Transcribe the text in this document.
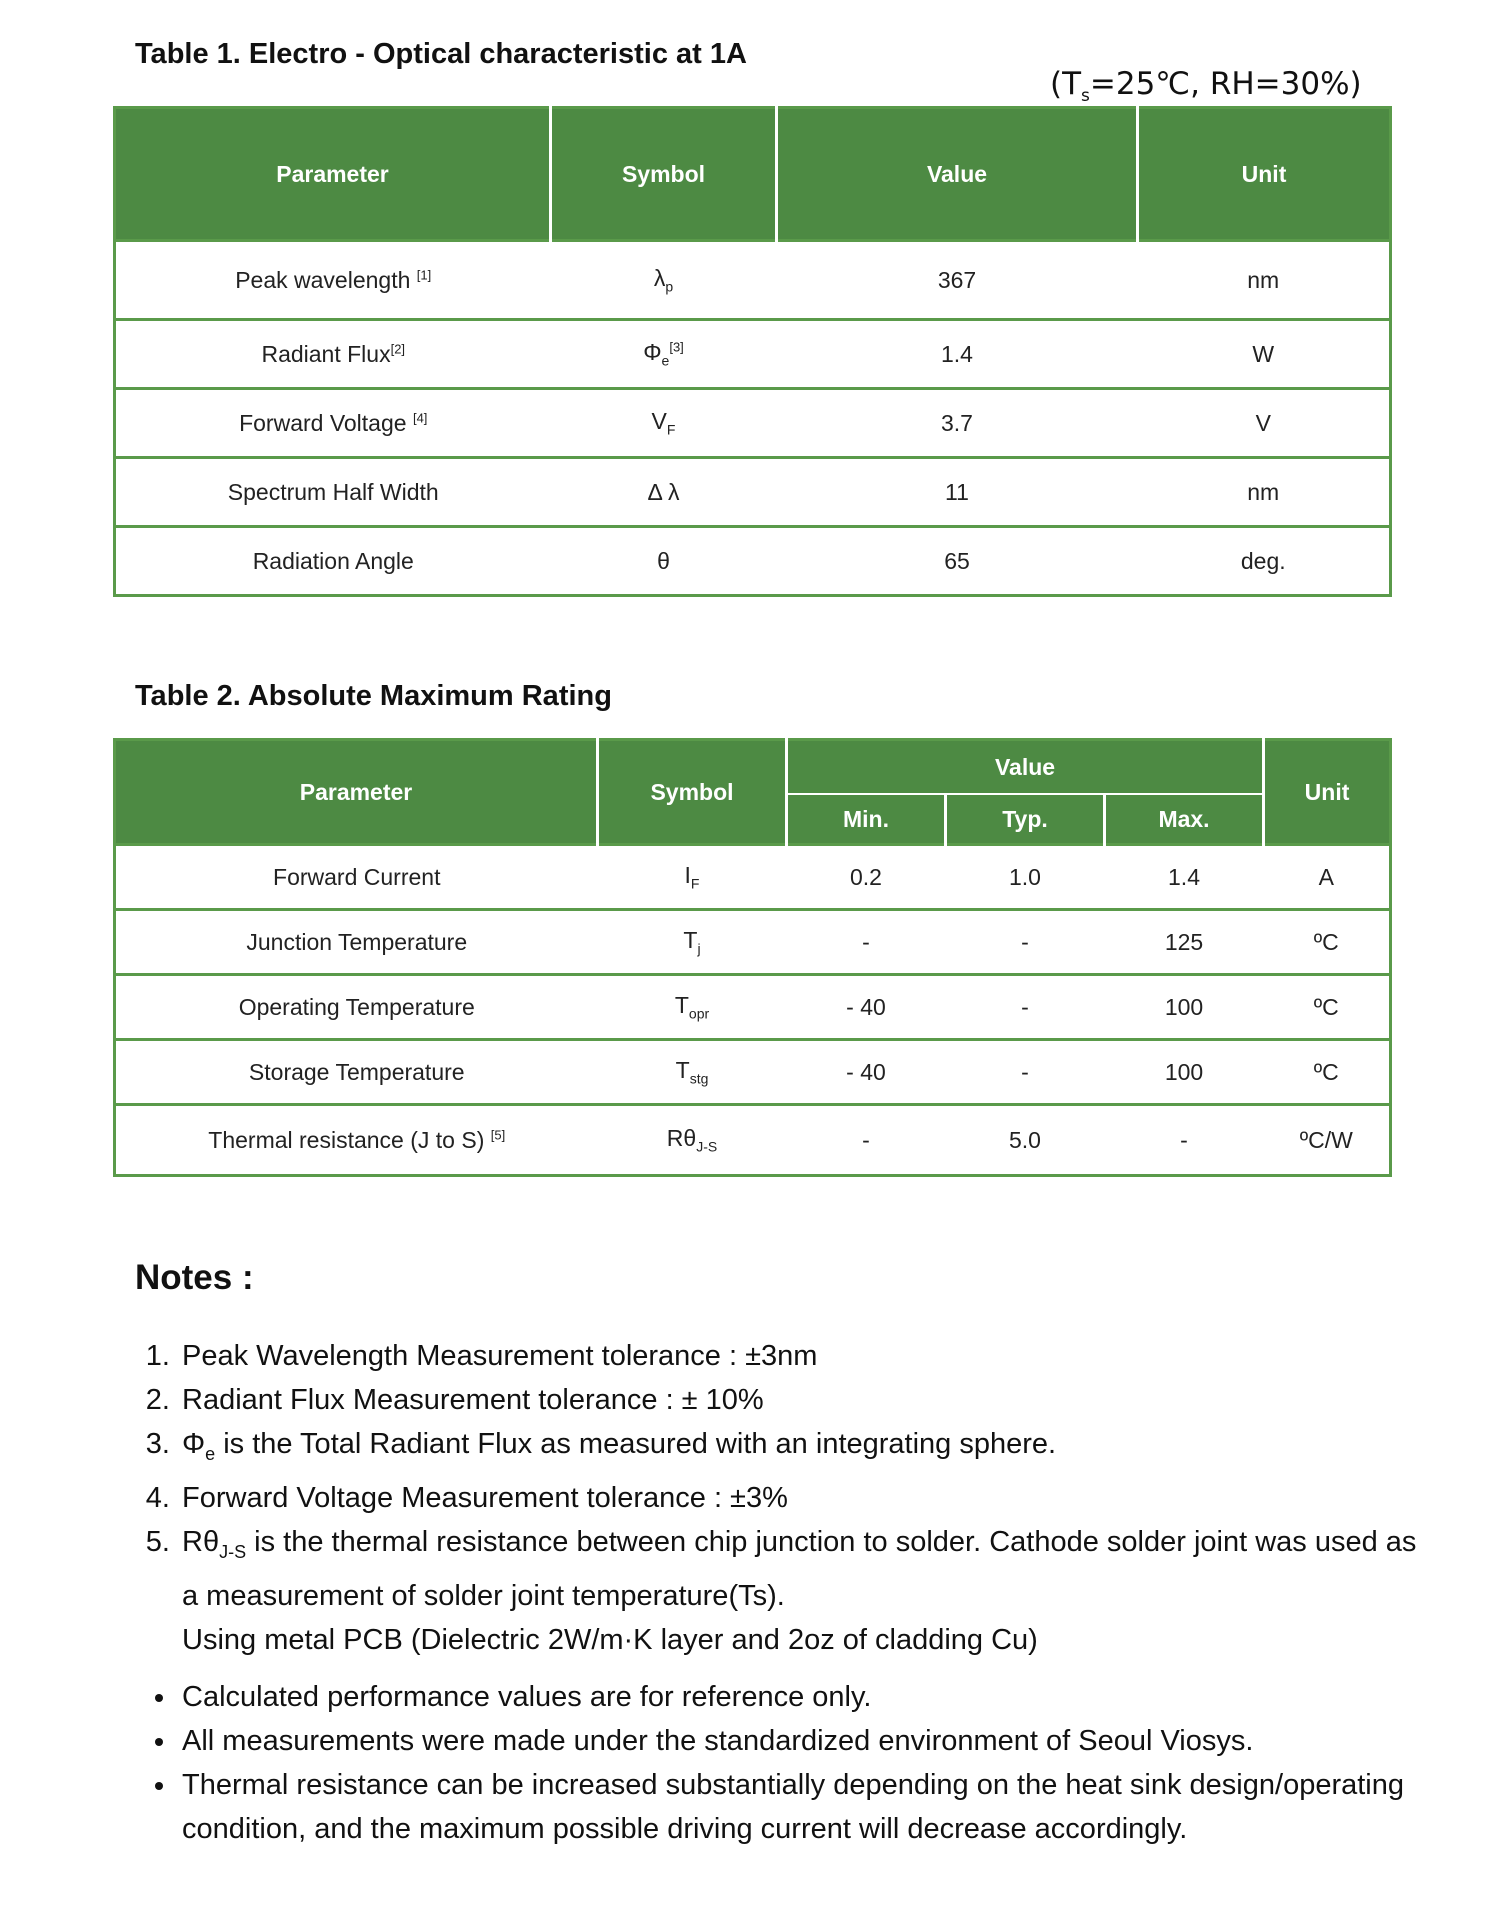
Table 1. Electro - Optical characteristic at 1A
($T_s=25℃$, RH=30%)
Parameter	Symbol	Value	Unit
Peak wavelength [1]	$\lambda_p$	367	nm
Radiant Flux[2]	$\Phi_e[3]$	1.4	W
Forward Voltage [4]	$V_F$	3.7	V
Spectrum Half Width	Δ λ	11	nm
Radiation Angle	θ	65	deg.
Table 2. Absolute Maximum Rating
Parameter	Symbol	Value			Unit
		Min.	Typ.	Max.	
Forward Current	$I_F$	0.2	1.0	1.4	A
Junction Temperature	$T_j$	-	-	125	ºC
Operating Temperature	$T_{opr}$	- 40	-	100	ºC
Storage Temperature	$T_{stg}$	- 40	-	100	ºC
Thermal resistance (J to S) [5]	$R\theta_{J-S}$	-	5.0	-	ºC/W
Notes :
1. Peak Wavelength Measurement tolerance : ±3nm
2. Radiant Flux Measurement tolerance : ± 10%
3. $\Phi_e$ is the Total Radiant Flux as measured with an integrating sphere.
4. Forward Voltage Measurement tolerance : ±3%
5. $R\theta_{J-S}$ is the thermal resistance between chip junction to solder. Cathode solder joint was used as a measurement of solder joint temperature(Ts).
Using metal PCB (Dielectric 2W/m·K layer and 2oz of cladding Cu)
• Calculated performance values are for reference only.
• All measurements were made under the standardized environment of Seoul Viosys.
• Thermal resistance can be increased substantially depending on the heat sink design/operating condition, and the maximum possible driving current will decrease accordingly.
